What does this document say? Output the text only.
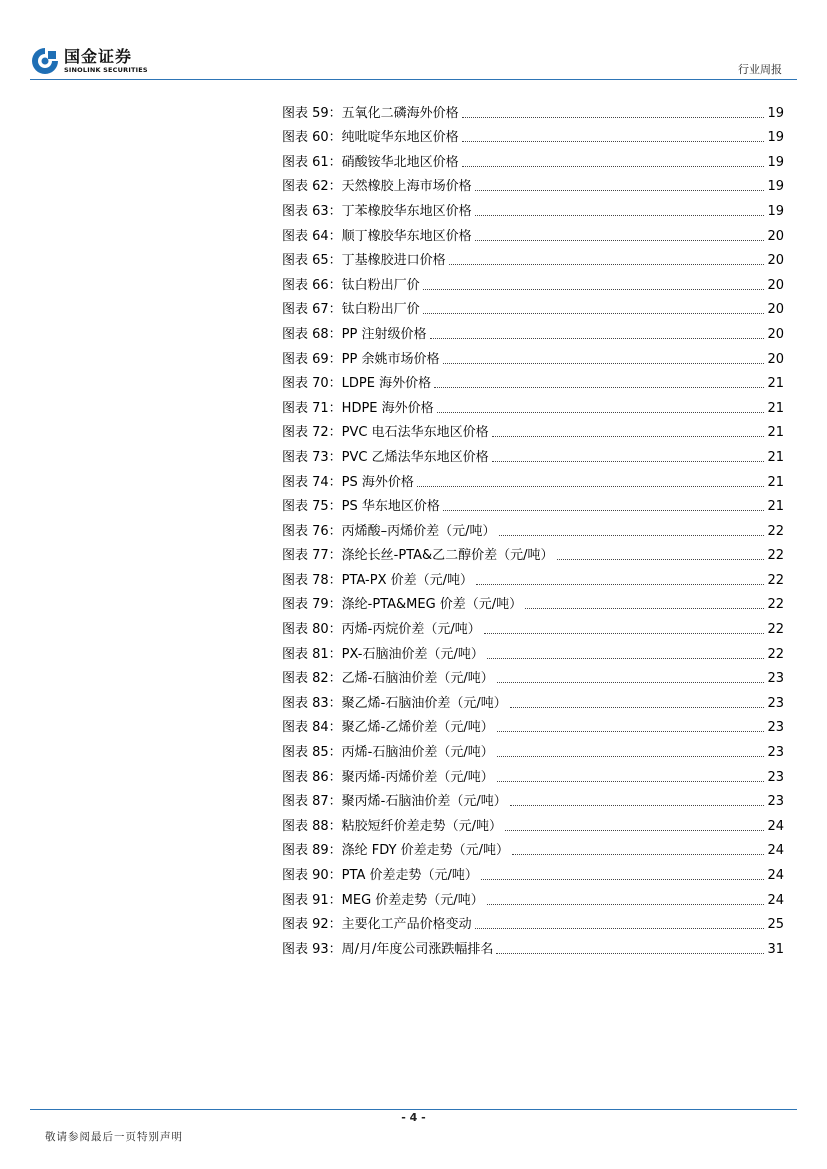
国金证券
SINOLINK SECURITIES	行业周报
图表 59：五氧化二磷海外价格	19
图表 60：纯吡啶华东地区价格	19
图表 61：硝酸铵华北地区价格	19
图表 62：天然橡胶上海市场价格	19
图表 63：丁苯橡胶华东地区价格	19
图表 64：顺丁橡胶华东地区价格	20
图表 65：丁基橡胶进口价格	20
图表 66：钛白粉出厂价	20
图表 67：钛白粉出厂价	20
图表 68：PP 注射级价格	20
图表 69：PP 余姚市场价格	20
图表 70：LDPE 海外价格	21
图表 71：HDPE 海外价格	21
图表 72：PVC 电石法华东地区价格	21
图表 73：PVC 乙烯法华东地区价格	21
图表 74：PS 海外价格	21
图表 75：PS 华东地区价格	21
图表 76：丙烯酸–丙烯价差（元/吨）	22
图表 77：涤纶长丝-PTA&乙二醇价差（元/吨）	22
图表 78：PTA-PX 价差（元/吨）	22
图表 79：涤纶-PTA&MEG 价差（元/吨）	22
图表 80：丙烯-丙烷价差（元/吨）	22
图表 81：PX-石脑油价差（元/吨）	22
图表 82：乙烯-石脑油价差（元/吨）	23
图表 83：聚乙烯-石脑油价差（元/吨）	23
图表 84：聚乙烯-乙烯价差（元/吨）	23
图表 85：丙烯-石脑油价差（元/吨）	23
图表 86：聚丙烯-丙烯价差（元/吨）	23
图表 87：聚丙烯-石脑油价差（元/吨）	23
图表 88：粘胶短纤价差走势（元/吨）	24
图表 89：涤纶 FDY 价差走势（元/吨）	24
图表 90：PTA 价差走势（元/吨）	24
图表 91：MEG 价差走势（元/吨）	24
图表 92：主要化工产品价格变动	25
图表 93：周/月/年度公司涨跌幅排名	31
- 4 -
敬请参阅最后一页特别声明
